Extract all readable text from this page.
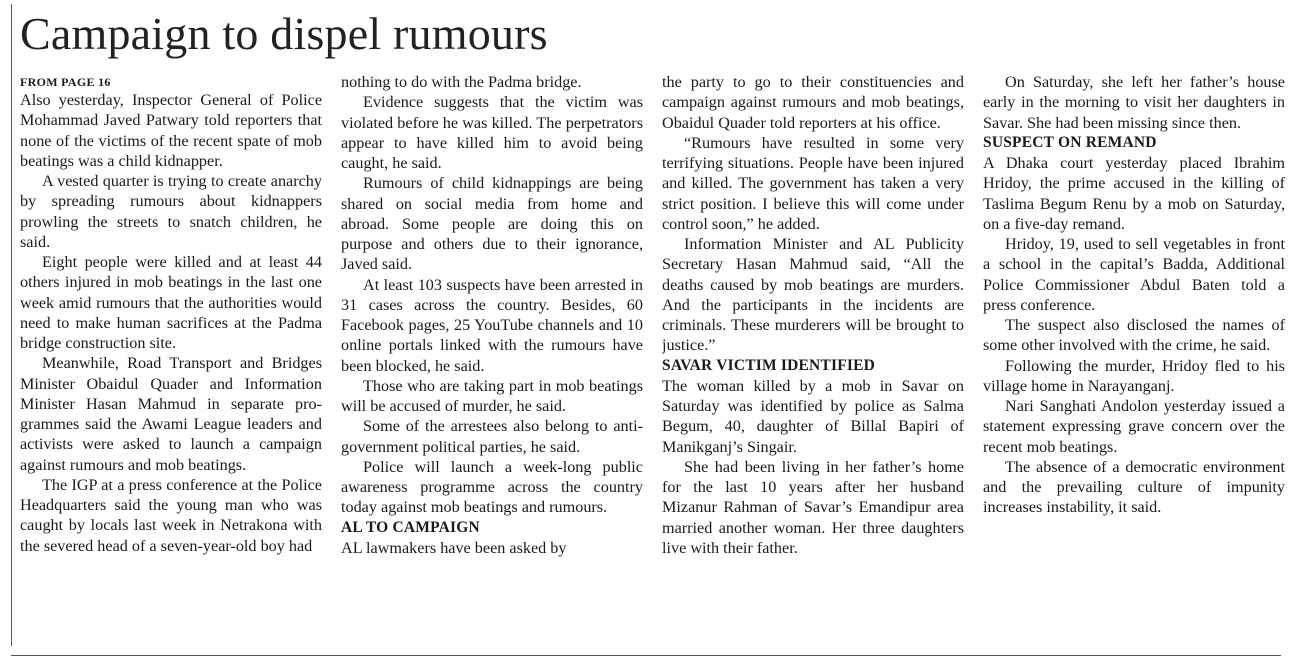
Campaign to dispel rumours
FROM PAGE 16

Also yesterday, Inspector General of Police Mohammad Javed Patwary told reporters that none of the victims of the recent spate of mob beatings was a child kidnapper.

A vested quarter is trying to create anarchy by spreading rumours about kidnappers prowling the streets to snatch children, he said.

Eight people were killed and at least 44 others injured in mob beatings in the last one week amid rumours that the authorities would need to make human sacrifices at the Padma bridge construction site.

Meanwhile, Road Transport and Bridges Minister Obaidul Quader and Information Minister Hasan Mahmud in separate pro-grammes said the Awami League leaders and activists were asked to launch a campaign against rumours and mob beatings.

The IGP at a press conference at the Police Headquarters said the young man who was caught by locals last week in Netrakona with the severed head of a seven-year-old boy had

nothing to do with the Padma bridge.

Evidence suggests that the victim was violated before he was killed. The perpetrators appear to have killed him to avoid being caught, he said.

Rumours of child kidnappings are being shared on social media from home and abroad. Some people are doing this on purpose and others due to their ignorance, Javed said.

At least 103 suspects have been arrested in 31 cases across the country. Besides, 60 Facebook pages, 25 YouTube channels and 10 online portals linked with the rumours have been blocked, he said.

Those who are taking part in mob beatings will be accused of murder, he said.

Some of the arrestees also belong to anti-government political parties, he said.

Police will launch a week-long public awareness programme across the country today against mob beatings and rumours.

AL TO CAMPAIGN

AL lawmakers have been asked by

the party to go to their constituencies and campaign against rumours and mob beatings, Obaidul Quader told reporters at his office.

“Rumours have resulted in some very terrifying situations. People have been injured and killed. The government has taken a very strict position. I believe this will come under control soon,” he added.

Information Minister and AL Publicity Secretary Hasan Mahmud said, “All the deaths caused by mob beatings are murders. And the participants in the incidents are criminals. These murderers will be brought to justice.”

SAVAR VICTIM IDENTIFIED

The woman killed by a mob in Savar on Saturday was identified by police as Salma Begum, 40, daughter of Billal Bapiri of Manikganj’s Singair.

She had been living in her father’s home for the last 10 years after her husband Mizanur Rahman of Savar’s Emandipur area married another woman. Her three daughters live with their father.

On Saturday, she left her father’s house early in the morning to visit her daughters in Savar. She had been missing since then.

SUSPECT ON REMAND

A Dhaka court yesterday placed Ibrahim Hridoy, the prime accused in the killing of Taslima Begum Renu by a mob on Saturday, on a five-day remand.

Hridoy, 19, used to sell vegetables in front a school in the capital’s Badda, Additional Police Commissioner Abdul Baten told a press conference.

The suspect also disclosed the names of some other involved with the crime, he said.

Following the murder, Hridoy fled to his village home in Narayanganj.

Nari Sanghati Andolon yesterday issued a statement expressing grave concern over the recent mob beatings.

The absence of a democratic environment and the prevailing culture of impunity increases instability, it said.
